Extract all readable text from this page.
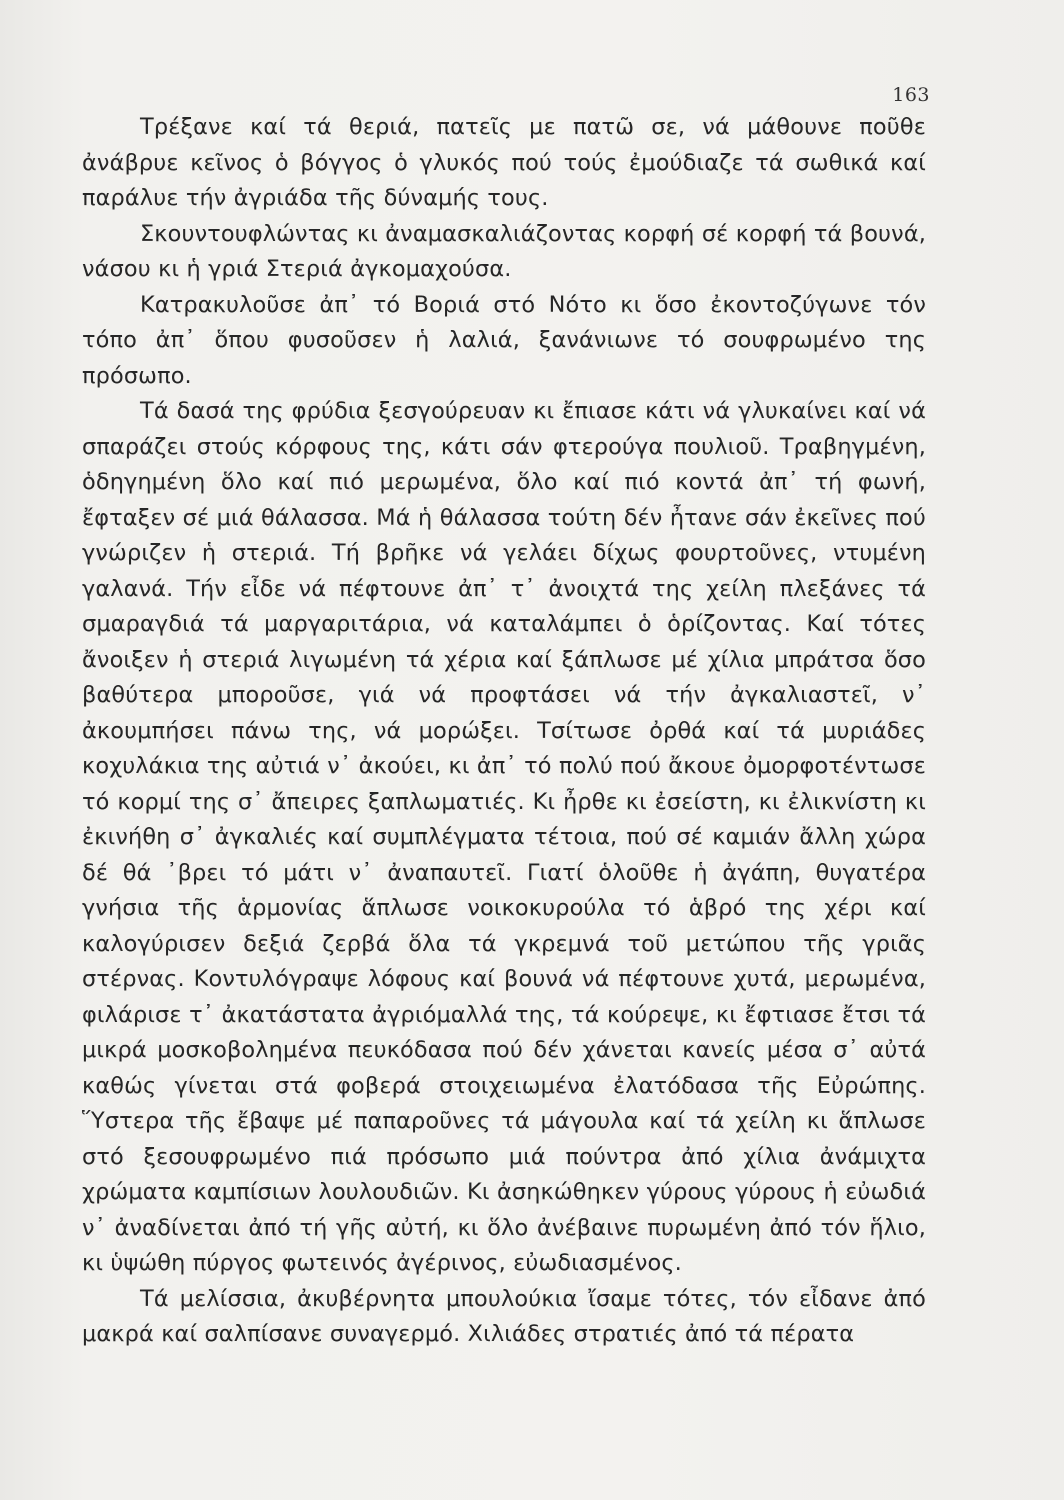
163

Τρέξανε καί τά θεριά, πατεῖς με πατῶ σε, νά μάθουνε ποῦθε ἀνάβρυε κεῖνος ὁ βόγγος ὁ γλυκός πού τούς ἐμούδιαζε τά σωθικά καί παράλυε τήν ἀγριάδα τῆς δύναμής τους.

Σκουντουφλώντας κι ἀναμασκαλιάζοντας κορφή σέ κορφή τά βουνά, νάσου κι ἡ γριά Στεριά ἀγκομαχούσα.

Κατρακυλοῦσε ἀπ᾿ τό Βοριά στό Νότο κι ὅσο ἐκοντοζύγωνε τόν τόπο ἀπ᾿ ὅπου φυσοῦσεν ἡ λαλιά, ξανάνιωνε τό σουφρωμένο της πρόσωπο.

Τά δασά της φρύδια ξεσγούρευαν κι ἔπιασε κάτι νά γλυκαίνει καί νά σπαράζει στούς κόρφους της, κάτι σάν φτερούγα πουλιοῦ. Τραβηγμένη, ὁδηγημένη ὅλο καί πιό μερωμένα, ὅλο καί πιό κοντά ἀπ᾿ τή φωνή, ἔφταξεν σέ μιά θάλασσα. Μά ἡ θάλασσα τούτη δέν ἦτανε σάν ἐκεῖνες πού γνώριζεν ἡ στεριά. Τή βρῆκε νά γελάει δίχως φουρτοῦνες, ντυμένη γαλανά. Τήν εἶδε νά πέφτουνε ἀπ᾿ τ᾿ ἀνοιχτά της χείλη πλεξάνες τά σμαραγδιά τά μαργαριτάρια, νά καταλάμπει ὁ ὁρίζοντας. Καί τότες ἄνοιξεν ἡ στεριά λιγωμένη τά χέρια καί ξάπλωσε μέ χίλια μπράτσα ὅσο βαθύτερα μποροῦσε, γιά νά προφτάσει νά τήν ἀγκαλιαστεῖ, ν᾿ ἀκουμπήσει πάνω της, νά μορώξει. Τσίτωσε ὀρθά καί τά μυριάδες κοχυλάκια της αὐτιά ν᾿ ἀκούει, κι ἀπ᾿ τό πολύ πού ἄκουε ὀμορφοτέντωσε τό κορμί της σ᾿ ἄπειρες ξαπλωματιές. Κι ἦρθε κι ἐσείστη, κι ἐλικνίστη κι ἐκινήθη σ᾿ ἀγκαλιές καί συμπλέγματα τέτοια, πού σέ καμιάν ἄλλη χώρα δέ θά ᾿βρει τό μάτι ν᾿ ἀναπαυτεῖ. Γιατί ὁλοῦθε ἡ ἀγάπη, θυγατέρα γνήσια τῆς ἁρμονίας ἅπλωσε νοικοκυρούλα τό ἁβρό της χέρι καί καλογύρισεν δεξιά ζερβά ὅλα τά γκρεμνά τοῦ μετώπου τῆς γριᾶς στέρνας. Κοντυλόγραψε λόφους καί βουνά νά πέφτουνε χυτά, μερωμένα, φιλάρισε τ᾿ ἀκατάστατα ἀγριόμαλλά της, τά κούρεψε, κι ἔφτιασε ἔτσι τά μικρά μοσκοβολημένα πευκόδασα πού δέν χάνεται κανείς μέσα σ᾿ αὐτά καθώς γίνεται στά φοβερά στοιχειωμένα ἐλατόδασα τῆς Εὐρώπης. Ὕστερα τῆς ἔβαψε μέ παπαροῦνες τά μάγουλα καί τά χείλη κι ἅπλωσε στό ξεσουφρωμένο πιά πρόσωπο μιά πούντρα ἀπό χίλια ἀνάμιχτα χρώματα καμπίσιων λουλουδιῶν. Κι ἀσηκώθηκεν γύρους γύρους ἡ εὐωδιά ν᾿ ἀναδίνεται ἀπό τή γῆς αὐτή, κι ὅλο ἀνέβαινε πυρωμένη ἀπό τόν ἥλιο, κι ὑψώθη πύργος φωτεινός ἀγέρινος, εὐωδιασμένος.

Τά μελίσσια, ἀκυβέρνητα μπουλούκια ἴσαμε τότες, τόν εἶδανε ἀπό μακρά καί σαλπίσανε συναγερμό. Χιλιάδες στρατιές ἀπό τά πέρατα
